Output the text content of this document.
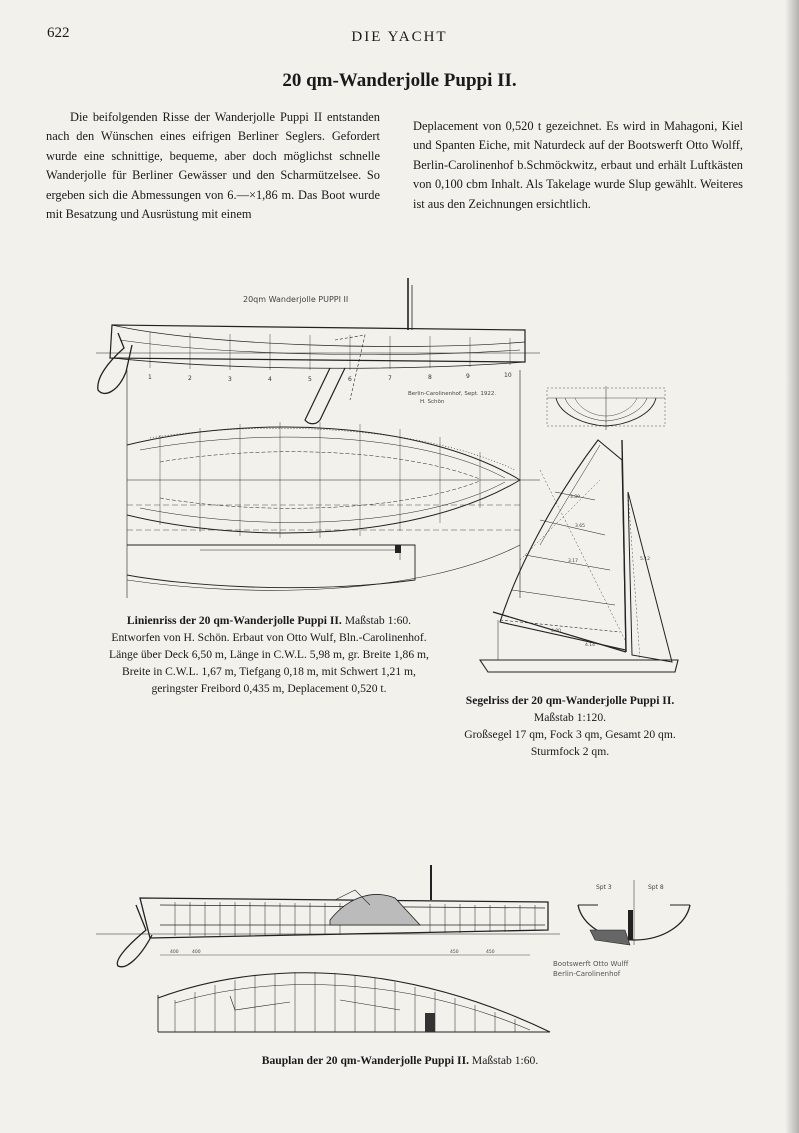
622	DIE YACHT
20 qm-Wanderjolle Puppi II.
Die beifolgenden Risse der Wanderjolle Puppi II entstanden nach den Wünschen eines eifrigen Berliner Seglers. Gefordert wurde eine schnittige, bequeme, aber doch möglichst schnelle Wanderjolle für Berliner Gewässer und den Scharmützelsee. So ergeben sich die Abmessungen von 6.—×1,86 m. Das Boot wurde mit Besatzung und Ausrüstung mit einem
Deplacement von 0,520 t gezeichnet. Es wird in Mahagoni, Kiel und Spanten Eiche, mit Naturdeck auf der Bootswerft Otto Wolff, Berlin-Carolinenhof b.Schmöckwitz, erbaut und erhält Luftkästen von 0,100 cbm Inhalt. Als Takelage wurde Slup gewählt. Weiteres ist aus den Zeichnungen ersichtlich.
20qm Wanderjolle PUPPI II
1	2	3	4	5	6	7	8	9	10
Berlin-Carolinenhof, Sept. 1922.
H. Schön
3.80
3.65
3.17
4.00
5.12
4.14
400	400	450	450
Bootswerft Otto Wulff
Berlin-Carolinenhof
Spt 3	Spt 8
Linienriss der 20 qm-Wanderjolle Puppi II. Maßstab 1:60.
Entworfen von H. Schön. Erbaut von Otto Wulf, Bln.-Carolinenhof.
Länge über Deck 6,50 m, Länge in C.W.L. 5,98 m, gr. Breite 1,86 m,
Breite in C.W.L. 1,67 m, Tiefgang 0,18 m, mit Schwert 1,21 m,
geringster Freibord 0,435 m, Deplacement 0,520 t.
Segelriss der 20 qm-Wanderjolle Puppi II.
Maßstab 1:120.
Großsegel 17 qm, Fock 3 qm, Gesamt 20 qm.
Sturmfock 2 qm.
Bauplan der 20 qm-Wanderjolle Puppi II. Maßstab 1:60.
